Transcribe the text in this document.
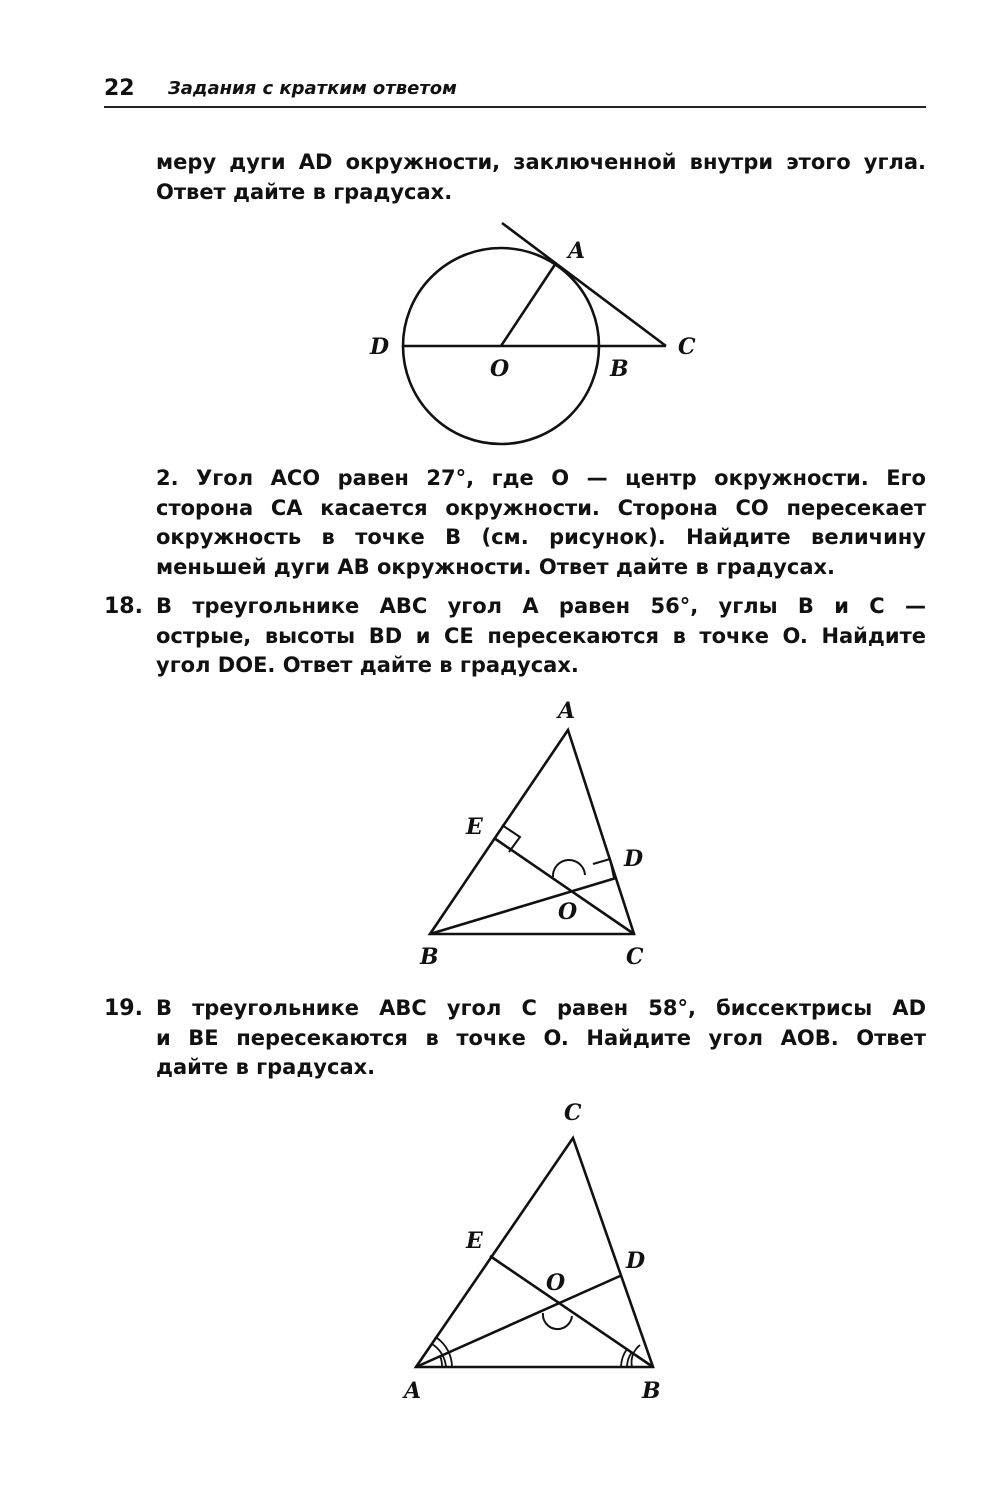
22 Задания с кратким ответом
меру дуги AD окружности, заключенной внутри этого угла.
Ответ дайте в градусах.
A
C
D
O	B
2. Угол ACO равен 27°, где O — центр окружности. Его
сторона CA касается окружности. Сторона CO пересекает
окружность в точке B (см. рисунок). Найдите величину
меньшей дуги AB окружности. Ответ дайте в градусах.
18. В треугольнике ABC угол A равен 56°, углы B и C —
острые, высоты BD и CE пересекаются в точке O. Найдите
угол DOE. Ответ дайте в градусах.
A
E
D
O
B	C
19. В треугольнике ABC угол C равен 58°, биссектрисы AD
и BE пересекаются в точке O. Найдите угол AOB. Ответ
дайте в градусах.
C
E
D
O
A	B
